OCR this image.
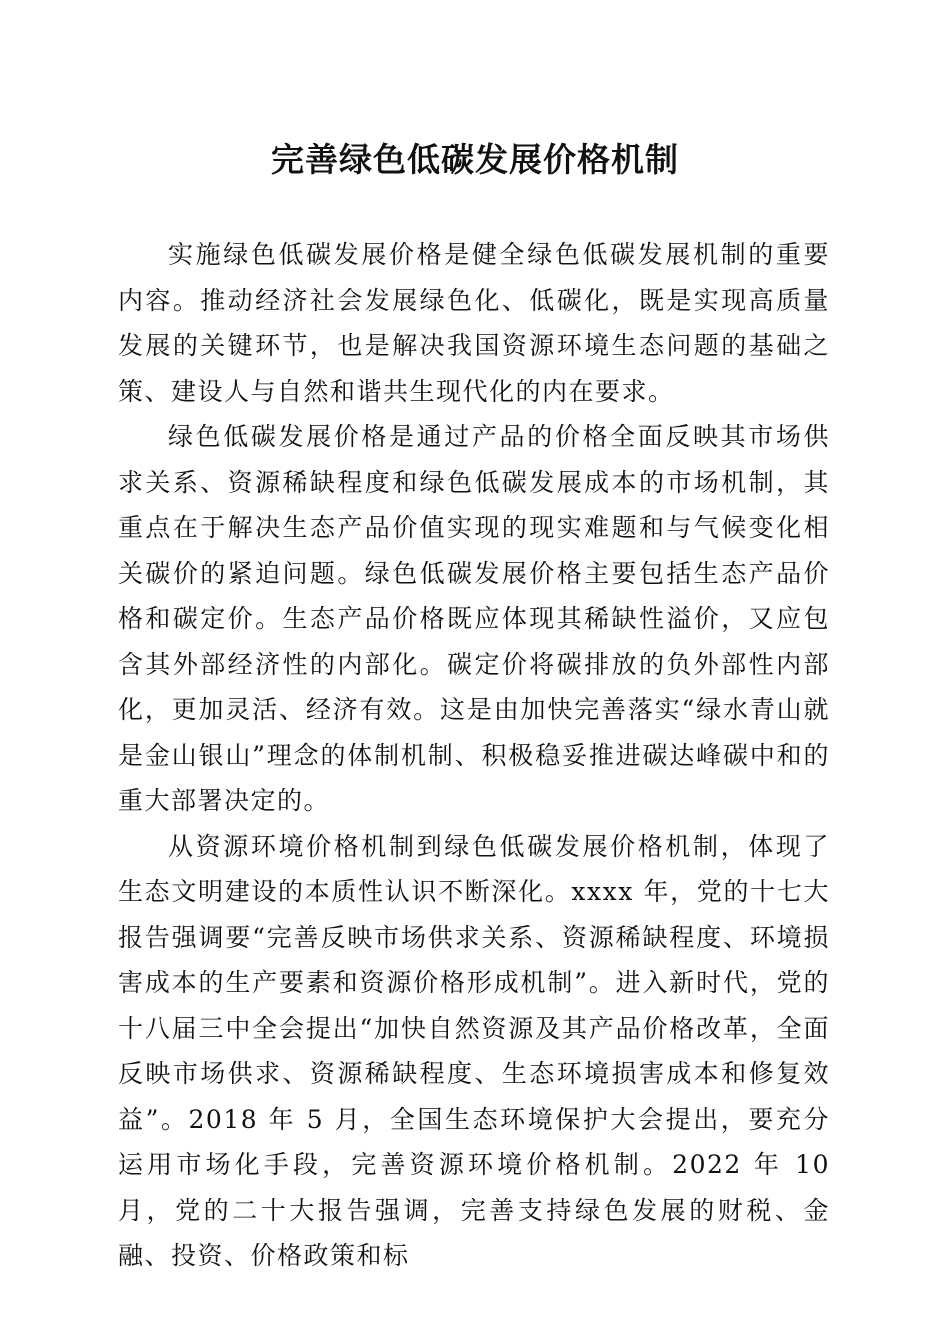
完善绿色低碳发展价格机制

实施绿色低碳发展价格是健全绿色低碳发展机制的重要内容。推动经济社会发展绿色化、低碳化，既是实现高质量发展的关键环节，也是解决我国资源环境生态问题的基础之策、建设人与自然和谐共生现代化的内在要求。

绿色低碳发展价格是通过产品的价格全面反映其市场供求关系、资源稀缺程度和绿色低碳发展成本的市场机制，其重点在于解决生态产品价值实现的现实难题和与气候变化相关碳价的紧迫问题。绿色低碳发展价格主要包括生态产品价格和碳定价。生态产品价格既应体现其稀缺性溢价，又应包含其外部经济性的内部化。碳定价将碳排放的负外部性内部化，更加灵活、经济有效。这是由加快完善落实“绿水青山就是金山银山”理念的体制机制、积极稳妥推进碳达峰碳中和的重大部署决定的。

从资源环境价格机制到绿色低碳发展价格机制，体现了生态文明建设的本质性认识不断深化。xxxx 年，党的十七大报告强调要“完善反映市场供求关系、资源稀缺程度、环境损害成本的生产要素和资源价格形成机制”。进入新时代，党的十八届三中全会提出“加快自然资源及其产品价格改革，全面反映市场供求、资源稀缺程度、生态环境损害成本和修复效益”。2018 年 5 月，全国生态环境保护大会提出，要充分运用市场化手段，完善资源环境价格机制。2022 年 10 月，党的二十大报告强调，完善支持绿色发展的财税、金融、投资、价格政策和标
